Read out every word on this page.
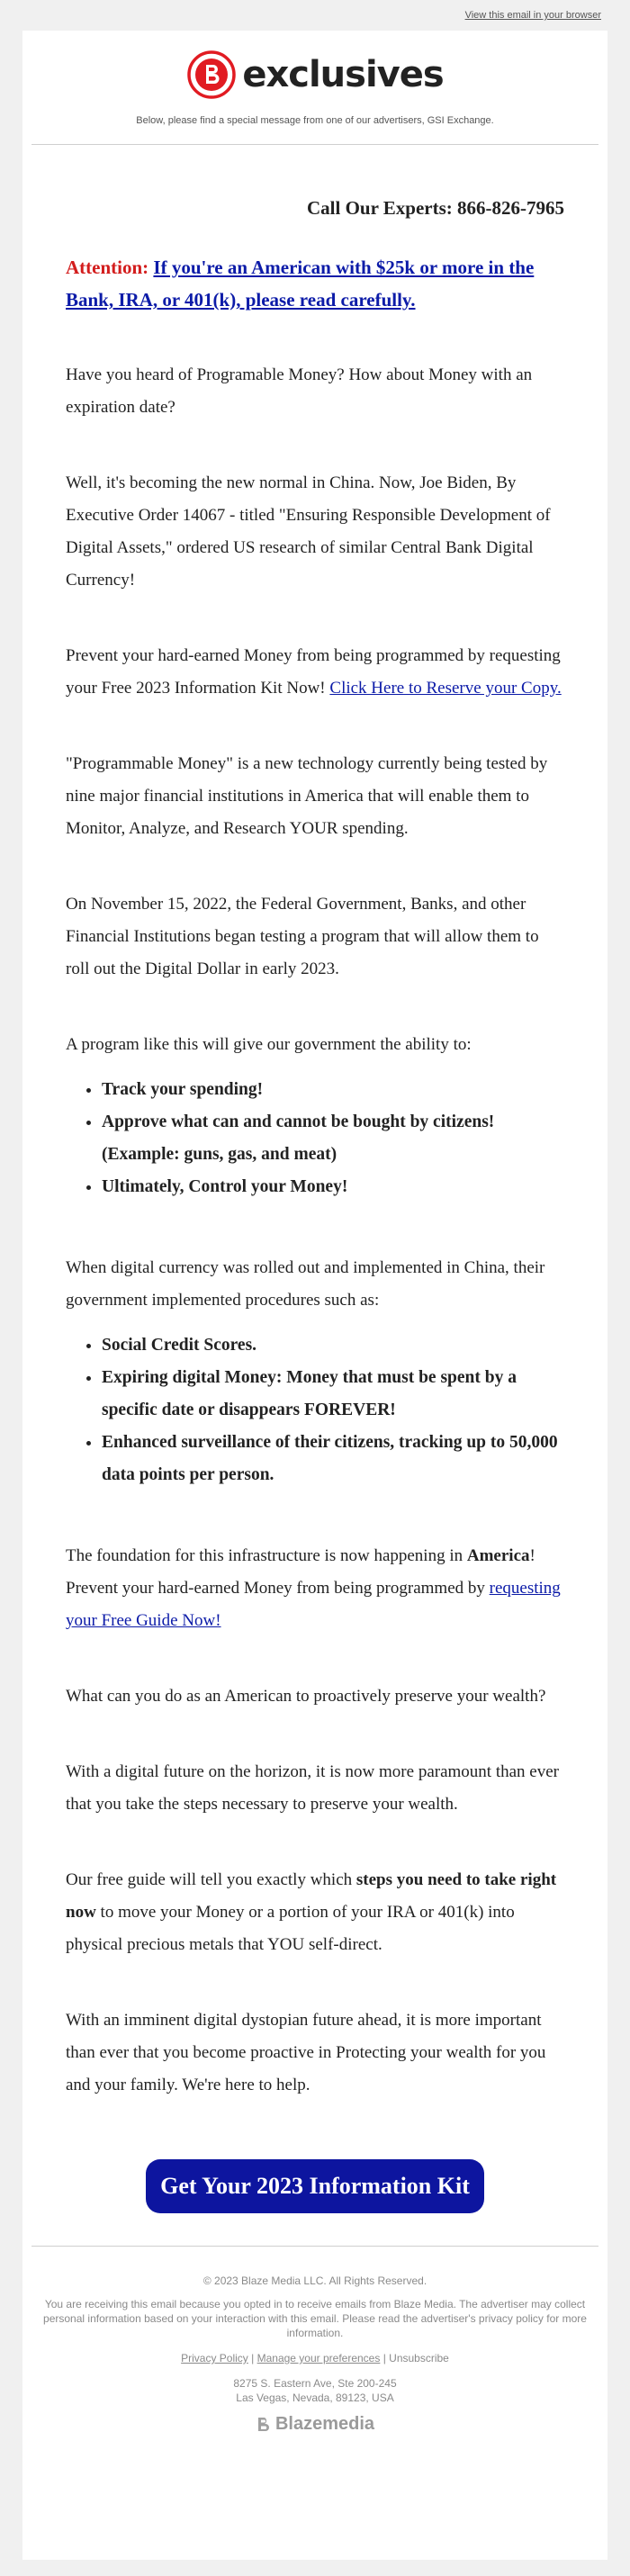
View this email in your browser
exclusives
Below, please find a special message from one of our advertisers, GSI Exchange.
Call Our Experts: 866-826-7965
Attention: If you're an American with $25k or more in the Bank, IRA, or 401(k), please read carefully.

Have you heard of Programable Money? How about Money with an expiration date?

Well, it's becoming the new normal in China. Now, Joe Biden, By Executive Order 14067 - titled "Ensuring Responsible Development of Digital Assets," ordered US research of similar Central Bank Digital Currency!

Prevent your hard-earned Money from being programmed by requesting your Free 2023 Information Kit Now! Click Here to Reserve your Copy.

"Programmable Money" is a new technology currently being tested by nine major financial institutions in America that will enable them to Monitor, Analyze, and Research YOUR spending.

On November 15, 2022, the Federal Government, Banks, and other Financial Institutions began testing a program that will allow them to roll out the Digital Dollar in early 2023.

A program like this will give our government the ability to:

• Track your spending!
• Approve what can and cannot be bought by citizens! (Example: guns, gas, and meat)
• Ultimately, Control your Money!

When digital currency was rolled out and implemented in China, their government implemented procedures such as:

• Social Credit Scores.
• Expiring digital Money: Money that must be spent by a specific date or disappears FOREVER!
• Enhanced surveillance of their citizens, tracking up to 50,000 data points per person.

The foundation for this infrastructure is now happening in America! Prevent your hard-earned Money from being programmed by requesting your Free Guide Now!

What can you do as an American to proactively preserve your wealth?

With a digital future on the horizon, it is now more paramount than ever that you take the steps necessary to preserve your wealth.

Our free guide will tell you exactly which steps you need to take right now to move your Money or a portion of your IRA or 401(k) into physical precious metals that YOU self-direct.

With an imminent digital dystopian future ahead, it is more important than ever that you become proactive in Protecting your wealth for you and your family. We're here to help.

Get Your 2023 Information Kit
© 2023 Blaze Media LLC. All Rights Reserved.
You are receiving this email because you opted in to receive emails from Blaze Media. The advertiser may collect personal information based on your interaction with this email. Please read the advertiser's privacy policy for more information.
Privacy Policy | Manage your preferences | Unsubscribe
8275 S. Eastern Ave, Ste 200-245
Las Vegas, Nevada, 89123, USA
Blazemedia
